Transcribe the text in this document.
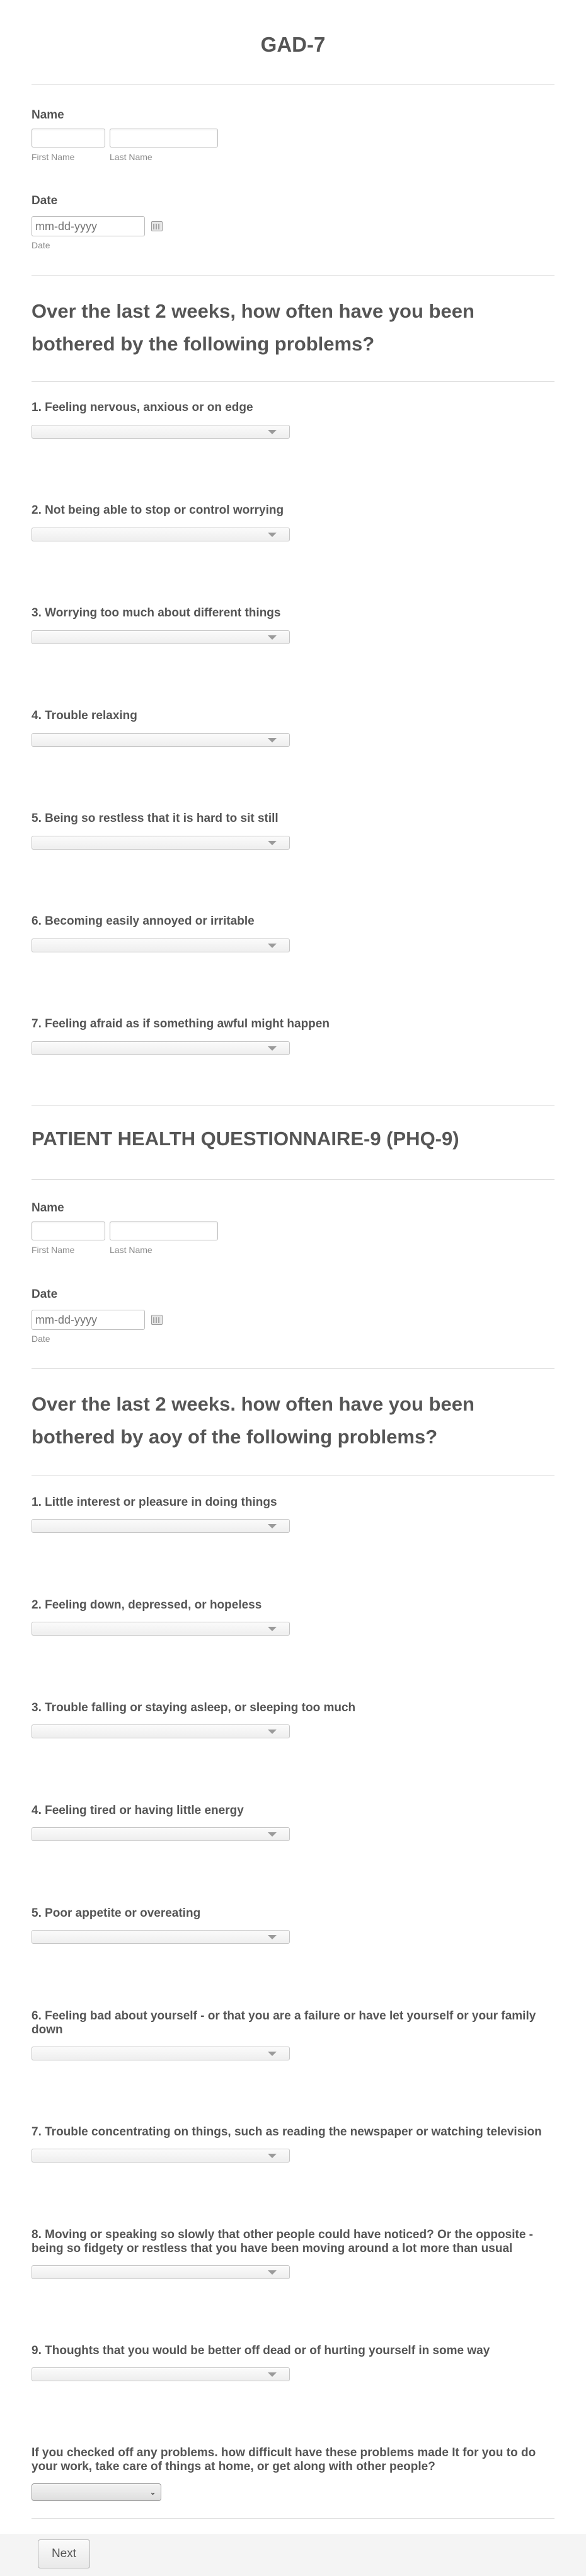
GAD-7
Name
First Name	Last Name
Date
mm-dd-yyyy
Date
Over the last 2 weeks, how often have you been bothered by the following problems?
1. Feeling nervous, anxious or on edge
2. Not being able to stop or control worrying
3. Worrying too much about different things
4. Trouble relaxing
5. Being so restless that it is hard to sit still
6. Becoming easily annoyed or irritable
7. Feeling afraid as if something awful might happen
PATIENT HEALTH QUESTIONNAIRE-9 (PHQ-9)
Name
First Name	Last Name
Date
mm-dd-yyyy
Date
Over the last 2 weeks. how often have you been bothered by aoy of the following problems?
1. Little interest or pleasure in doing things
2. Feeling down, depressed, or hopeless
3. Trouble falling or staying asleep, or sleeping too much
4. Feeling tired or having little energy
5. Poor appetite or overeating
6. Feeling bad about yourself - or that you are a failure or have let yourself or your family down
7. Trouble concentrating on things, such as reading the newspaper or watching television
8. Moving or speaking so slowly that other people could have noticed? Or the opposite - being so fidgety or restless that you have been moving around a lot more than usual
9. Thoughts that you would be better off dead or of hurting yourself in some way
If you checked off any problems. how difficult have these problems made It for you to do your work, take care of things at home, or get along with other people?
⌄
Next
